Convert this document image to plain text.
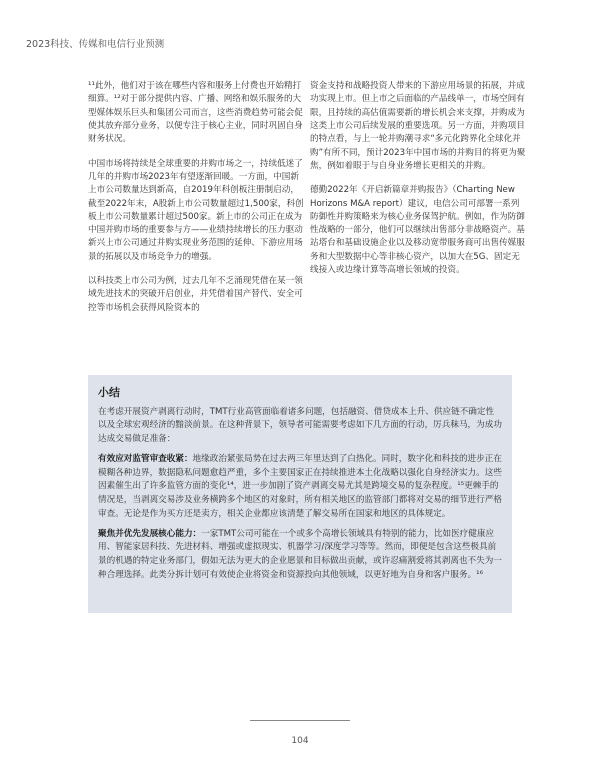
2023科技、传媒和电信行业预测

¹¹此外，他们对于该在哪些内容和服务上付费也开始精打细算。¹²对于部分提供内容、广播、网络和娱乐服务的大型媒体娱乐巨头和集团公司而言，这些消费趋势可能会促使其放弃部分业务，以便专注于核心主业，同时巩固自身财务状况。

中国市场将持续是全球重要的并购市场之一，持续低迷了几年的并购市场2023年有望逐渐回暖。一方面，中国新上市公司数量达到新高，自2019年科创板注册制启动，截至2022年末，A股新上市公司数量超过1,500家，科创板上市公司数量累计超过500家。新上市的公司正在成为中国并购市场的重要参与方——业绩持续增长的压力驱动新兴上市公司通过并购实现业务范围的延伸、下游应用场景的拓展以及市场竞争力的增强。

以科技类上市公司为例，过去几年不乏涌现凭借在某一领域先进技术的突破开启创业，并凭借着国产替代、安全可控等市场机会获得风险资本的

资金支持和战略投资人带来的下游应用场景的拓展，并成功实现上市。但上市之后面临的产品线单一，市场空间有限，且持续的高估值需要新的增长机会来支撑，并购成为这类上市公司后续发展的重要选项。另一方面，并购项目的特点看，与上一轮并购潮寻求“多元化跨界化全球化并购”有所不同，预计2023年中国市场的并购目的将更为聚焦，例如着眼于与自身业务增长更相关的并购。

德勤2022年《开启新篇章并购报告》（Charting New Horizons M&A report）建议，电信公司可部署一系列防御性并购策略来为核心业务保驾护航。例如，作为防御性战略的一部分，他们可以继续出售部分非战略资产。基站塔台和基础设施企业以及移动宽带服务商可出售传媒服务和大型数据中心等非核心资产，以加大在5G、固定无线接入或边缘计算等高增长领域的投资。

小结

在考虑开展资产剥离行动时，TMT行业高管面临着诸多问题，包括融资、借贷成本上升、供应链不确定性以及全球宏观经济的黯淡前景。在这种背景下，领导者可能需要考虑如下几方面的行动，厉兵秣马，为成功达成交易做足准备：

有效应对监管审查收紧：地缘政治紧张局势在过去两三年里达到了白热化。同时，数字化和科技的进步正在模糊各种边界，数据隐私问题愈趋严重，多个主要国家正在持续推进本土化战略以强化自身经济实力。这些因素催生出了许多监管方面的变化¹⁴，进一步加剧了资产剥离交易尤其是跨境交易的复杂程度。¹⁵更棘手的情况是，当剥离交易涉及业务横跨多个地区的对象时，所有相关地区的监管部门都将对交易的细节进行严格审查。无论是作为买方还是卖方，相关企业都应该清楚了解交易所在国家和地区的具体规定。

聚焦并优先发展核心能力：一家TMT公司可能在一个或多个高增长领域具有特别的能力，比如医疗健康应用、智能家居科技、先进材料、增强或虚拟现实、机器学习/深度学习等等。然而，即便是包含这些极具前景的机遇的特定业务部门，假如无法为更大的企业愿景和目标做出贡献，或许忍痛割爱将其剥离也不失为一种合理选择。此类分拆计划可有效使企业将资金和资源投向其他领域，以更好地为自身和客户服务。¹⁶

104
